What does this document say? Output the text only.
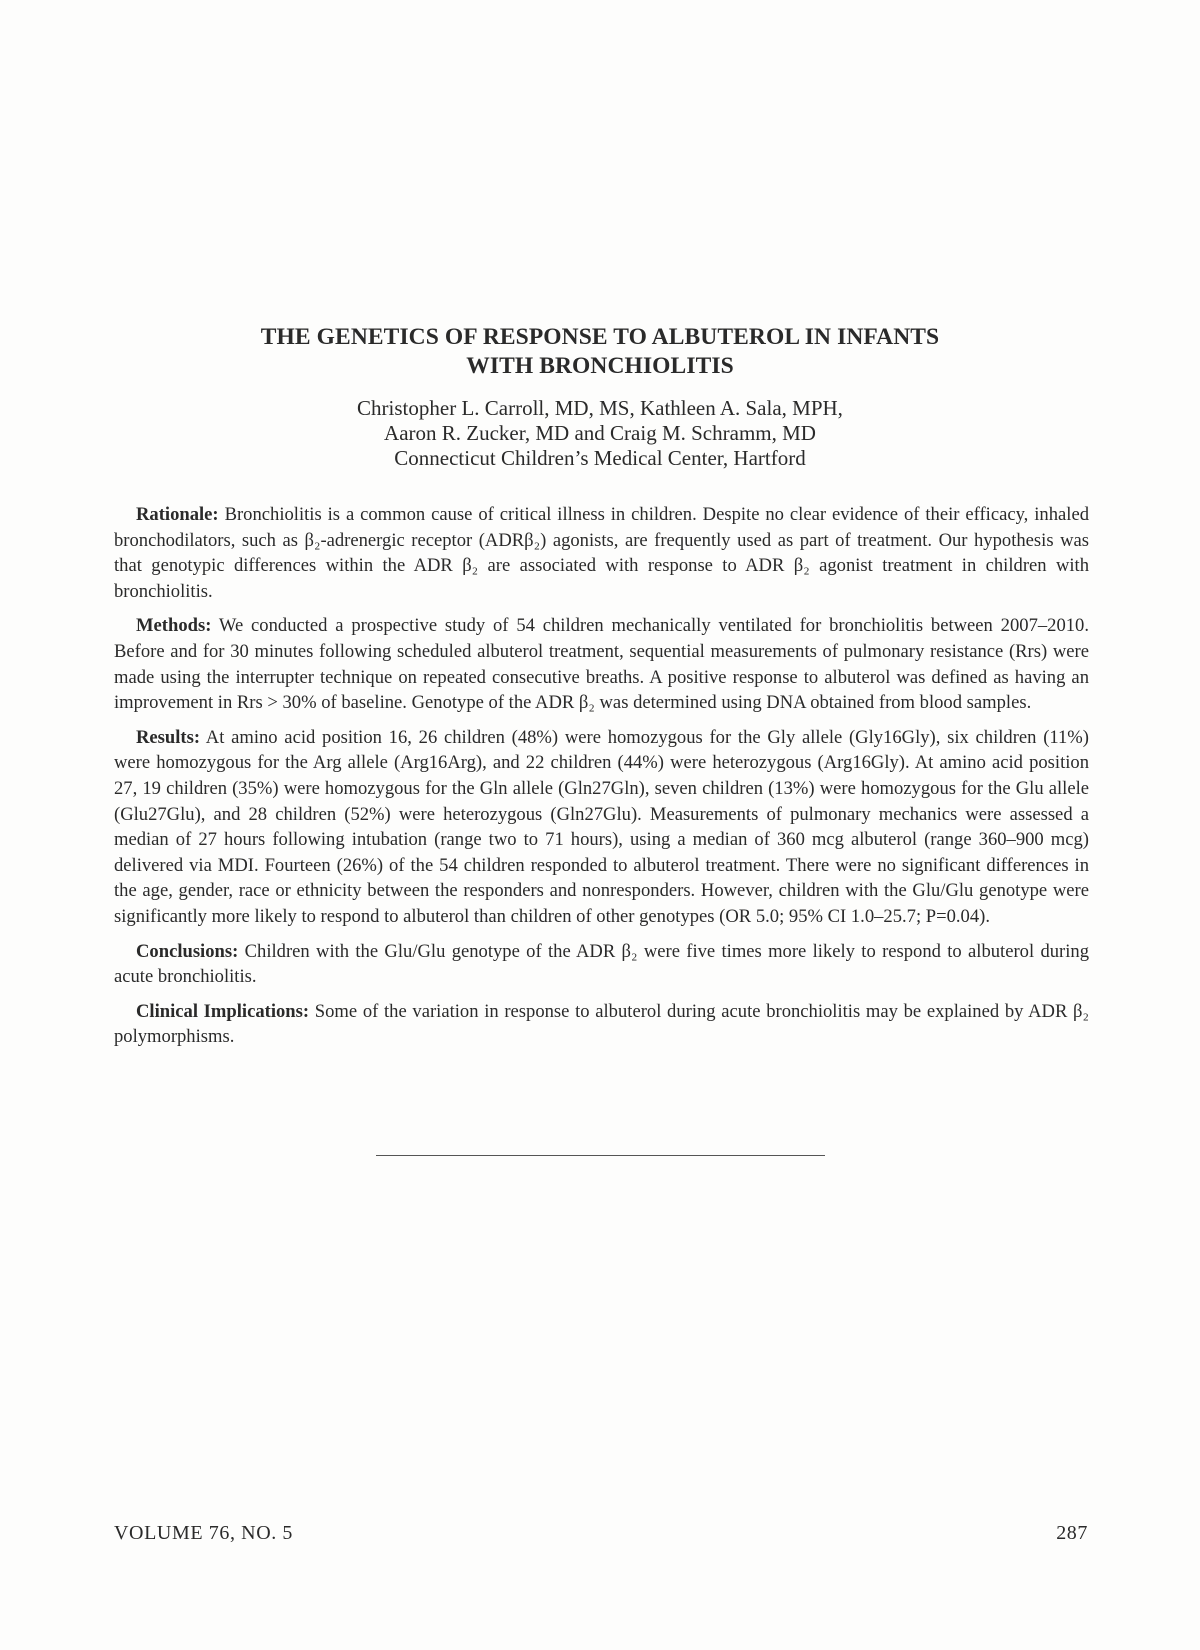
THE GENETICS OF RESPONSE TO ALBUTEROL IN INFANTS
WITH BRONCHIOLITIS
Christopher L. Carroll, MD, MS, Kathleen A. Sala, MPH,
Aaron R. Zucker, MD and Craig M. Schramm, MD
Connecticut Children’s Medical Center, Hartford

Rationale: Bronchiolitis is a common cause of critical illness in children. Despite no clear evidence of their efficacy, inhaled bronchodilators, such as β₂-adrenergic receptor (ADRβ₂) agonists, are frequently used as part of treatment. Our hypothesis was that genotypic differences within the ADR β₂ are associated with response to ADR β₂ agonist treatment in children with bronchiolitis.

Methods: We conducted a prospective study of 54 children mechanically ventilated for bronchiolitis between 2007–2010. Before and for 30 minutes following scheduled albuterol treatment, sequential measurements of pulmonary resistance (Rrs) were made using the interrupter technique on repeated consecutive breaths. A positive response to albuterol was defined as having an improvement in Rrs > 30% of baseline. Genotype of the ADR β₂ was determined using DNA obtained from blood samples.

Results: At amino acid position 16, 26 children (48%) were homozygous for the Gly allele (Gly16Gly), six children (11%) were homozygous for the Arg allele (Arg16Arg), and 22 children (44%) were heterozygous (Arg16Gly). At amino acid position 27, 19 children (35%) were homozygous for the Gln allele (Gln27Gln), seven children (13%) were homozygous for the Glu allele (Glu27Glu), and 28 children (52%) were heterozygous (Gln27Glu). Measurements of pulmonary mechanics were assessed a median of 27 hours following intubation (range two to 71 hours), using a median of 360 mcg albuterol (range 360–900 mcg) delivered via MDI. Fourteen (26%) of the 54 children responded to albuterol treatment. There were no significant differences in the age, gender, race or ethnicity between the responders and nonresponders. However, children with the Glu/Glu genotype were significantly more likely to respond to albuterol than children of other genotypes (OR 5.0; 95% CI 1.0–25.7; P=0.04).

Conclusions: Children with the Glu/Glu genotype of the ADR β₂ were five times more likely to respond to albuterol during acute bronchiolitis.

Clinical Implications: Some of the variation in response to albuterol during acute bronchiolitis may be explained by ADR β₂ polymorphisms.

VOLUME 76, NO. 5	287
